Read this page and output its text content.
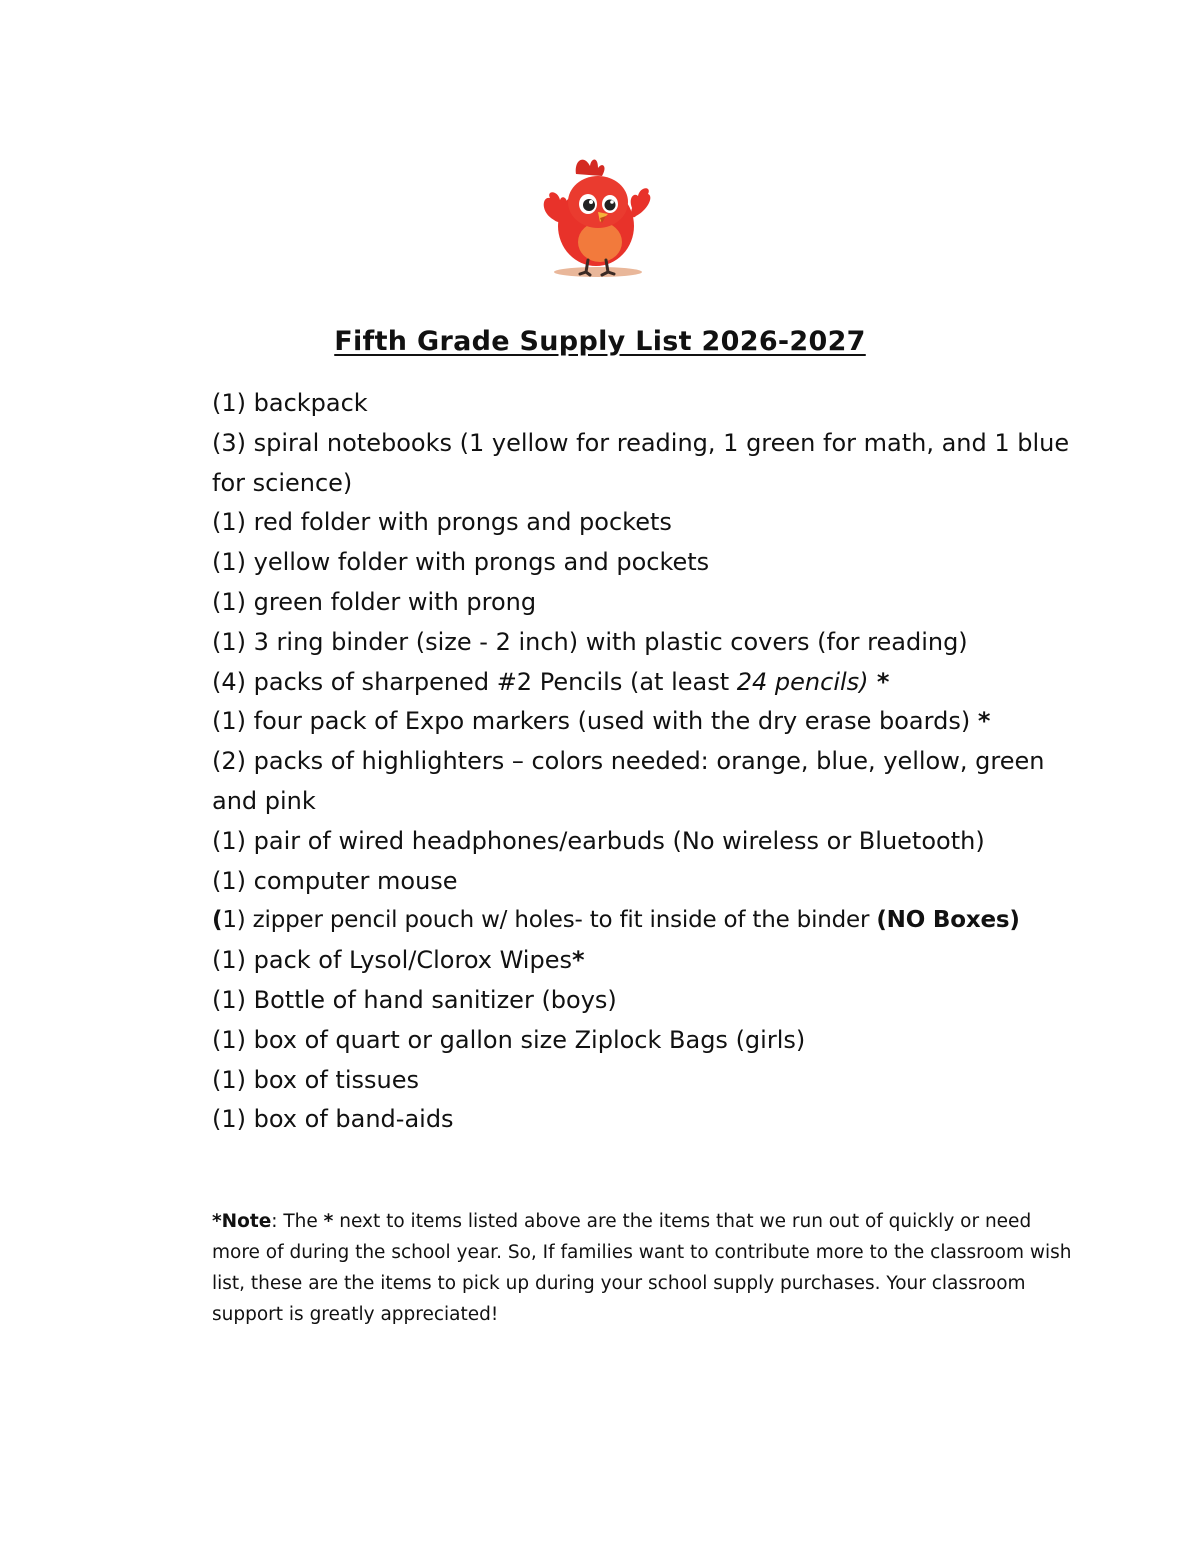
Fifth Grade Supply List 2026-2027
(1) backpack
(3) spiral notebooks (1 yellow for reading, 1 green for math, and 1 blue for science)
(1) red folder with prongs and pockets
(1) yellow folder with prongs and pockets
(1) green folder with prong
(1) 3 ring binder (size - 2 inch) with plastic covers (for reading)
(4) packs of sharpened #2 Pencils (at least 24 pencils) *
(1) four pack of Expo markers (used with the dry erase boards) *
(2) packs of highlighters – colors needed: orange, blue, yellow, green and pink
(1) pair of wired headphones/earbuds (No wireless or Bluetooth)
(1) computer mouse
(1) zipper pencil pouch w/ holes- to fit inside of the binder (NO Boxes)
(1) pack of Lysol/Clorox Wipes*
(1) Bottle of hand sanitizer (boys)
(1) box of quart or gallon size Ziplock Bags (girls)
(1) box of tissues
(1) box of band-aids
*Note: The * next to items listed above are the items that we run out of quickly or need more of during the school year. So, If families want to contribute more to the classroom wish list, these are the items to pick up during your school supply purchases. Your classroom support is greatly appreciated!
